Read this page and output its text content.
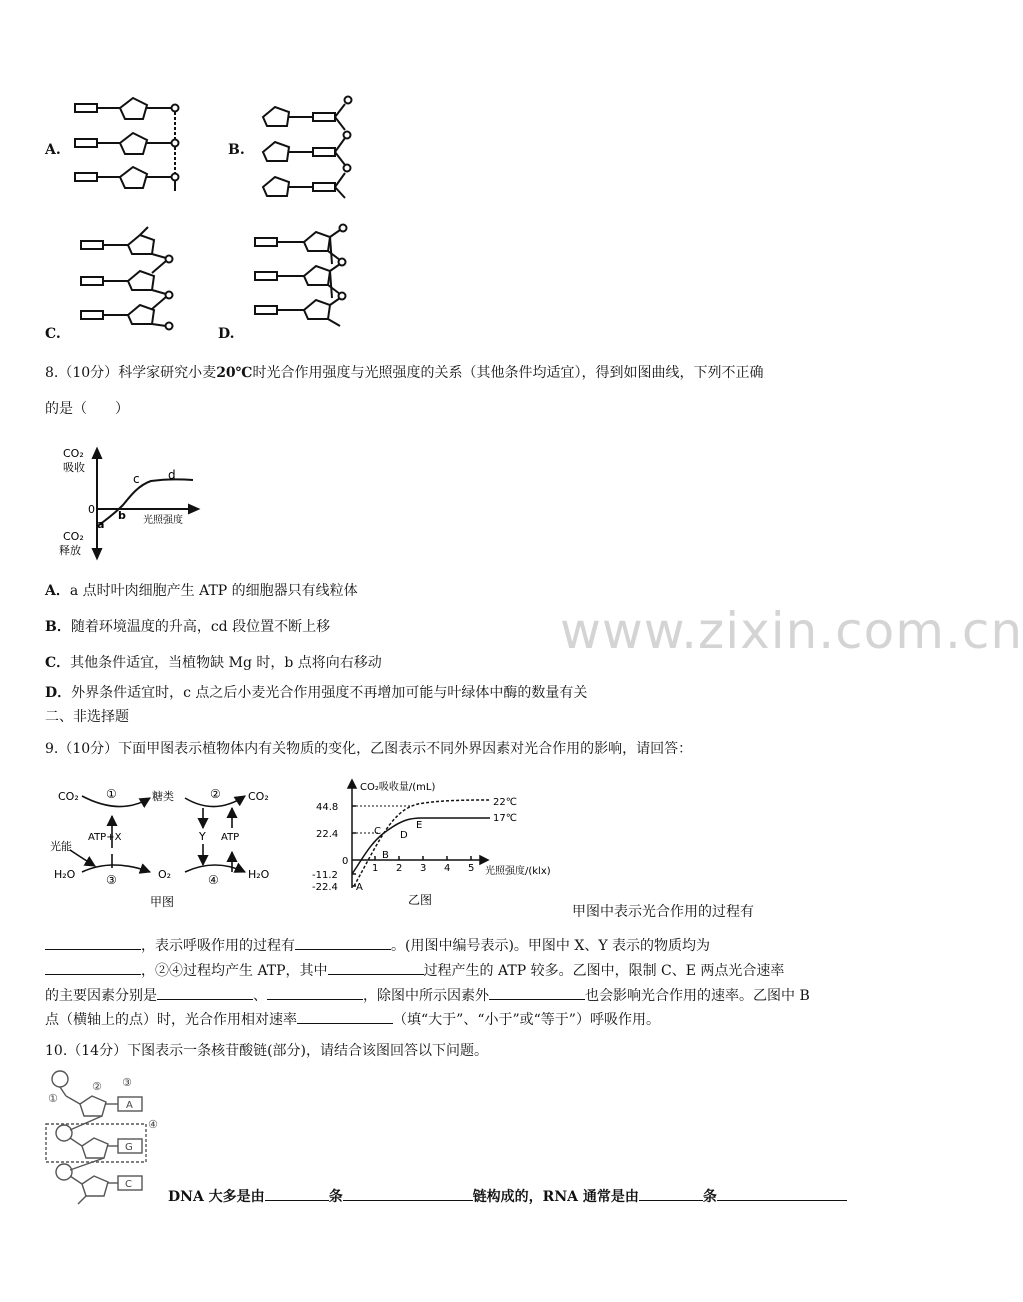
A.	B.
C.	D.
8.（10分）科学家研究小麦20℃时光合作用强度与光照强度的关系（其他条件均适宜），得到如图曲线，下列不正确
的是（　　）
CO₂
吸收
CO₂
释放
光照强度
0
a
b
c d
A．a 点时叶肉细胞产生 ATP 的细胞器只有线粒体
B．随着环境温度的升高，cd 段位置不断上移
C．其他条件适宜，当植物缺 Mg 时，b 点将向右移动
D．外界条件适宜时，c 点之后小麦光合作用强度不再增加可能与叶绿体中酶的数量有关
www.zixin.com.cn
二、非选择题
9.（10分）下面甲图表示植物体内有关物质的变化，乙图表示不同外界因素对光合作用的影响，请回答：
CO₂ ①	糖类	② CO₂
ATP+X	Y ATP
光能
H₂O	③	O₂	④	H₂O
甲图
CO₂吸收量/(mL)
光照强度/(klx)
44.8
22.4
0
-11.2
-22.4
1 2 3 4 5
22℃
17℃
A
B
C D
E
乙图
甲图中表示光合作用的过程有
，表示呼吸作用的过程有	。(用图中编号表示)。甲图中 X、Y 表示的物质均为
，②④过程均产生 ATP，其中	过程产生的 ATP 较多。乙图中，限制 C、E 两点光合速率
的主要因素分别是	、	，除图中所示因素外	也会影响光合作用的速率。乙图中 B
点（横轴上的点）时，光合作用相对速率	（填“大于”、“小于”或“等于”）呼吸作用。
10.（14分）下图表示一条核苷酸链(部分)，请结合该图回答以下问题。
①
② ③
④
A
G
C
DNA 大多是由	条	链构成的，RNA 通常是由	条
